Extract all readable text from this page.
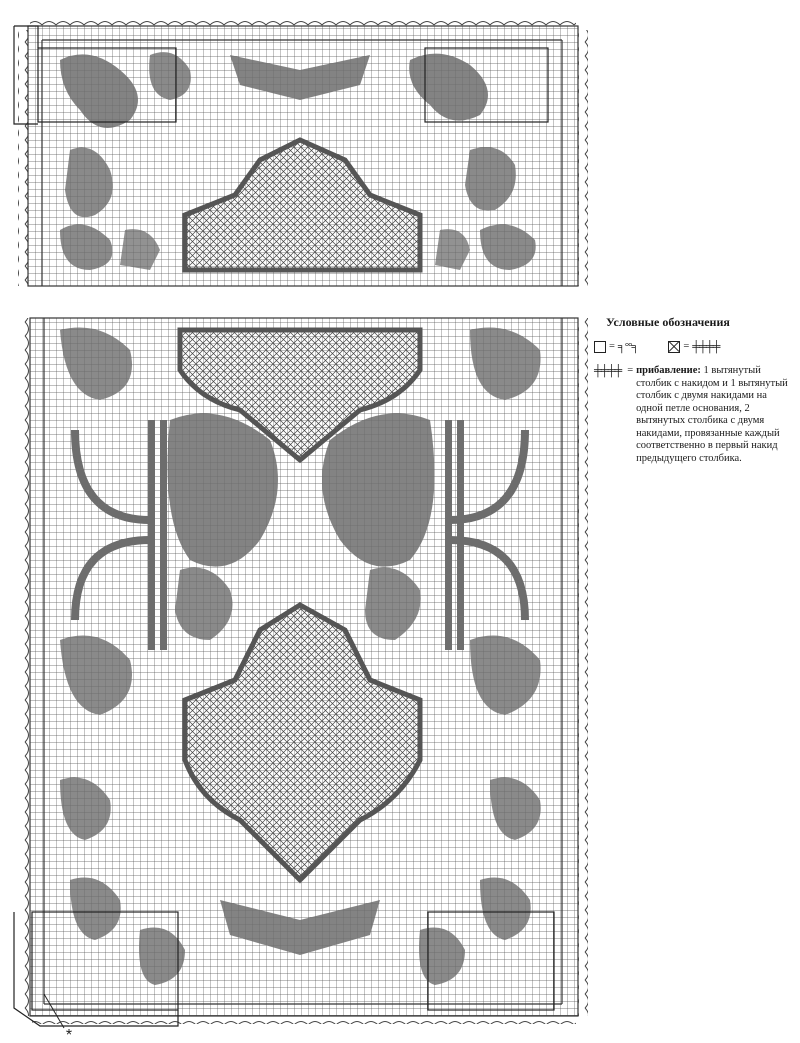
*
Условные обозначения
= ╕°°╕	= ╪╪╪╪
╪╪╪╪ = прибавление: 1 вытянутый столбик с накидом и 1 вытянутый столбик с двумя накидами на одной петле основания, 2 вытянутых столбика с двумя накидами, провязанные каждый соответственно в первый накид предыдущего столбика.
